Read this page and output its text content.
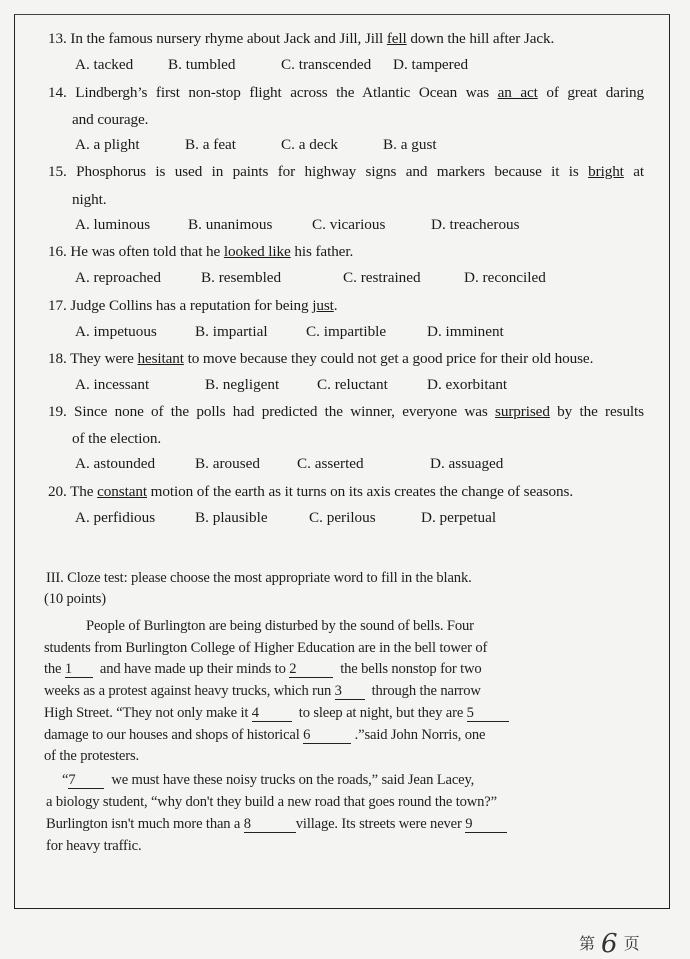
13. In the famous nursery rhyme about Jack and Jill, Jill fell down the hill after Jack.
A. tacked B. tumbled	C. transcended D. tampered
14. Lindbergh’s first non-stop flight across the Atlantic Ocean was an act of great daring
and courage.
A. a plight	B. a feat	C. a deck	B. a gust
15. Phosphorus is used in paints for highway signs and markers because it is bright at
night.
A. luminous B. unanimous	C. vicarious	D. treacherous
16. He was often told that he looked like his father.
A. reproached	B. resembled	C. restrained	D. reconciled
17. Judge Collins has a reputation for being just.
A. impetuous	B. impartial	C. impartible	D. imminent
18. They were hesitant to move because they could not get a good price for their old house.
A. incessant	B. negligent C. reluctant	D. exorbitant
19. Since none of the polls had predicted the winner, everyone was surprised by the results
of the election.
A. astounded	B. aroused C. asserted	D. assuaged
20. The constant motion of the earth as it turns on its axis creates the change of seasons.
A. perfidious	B. plausible	C. perilous	D. perpetual
III. Cloze test: please choose the most appropriate word to fill in the blank.
(10 points)
People of Burlington are being disturbed by the sound of bells. Four
students from Burlington College of Higher Education are in the bell tower of
the 1  and have made up their minds to 2	the bells nonstop for two
weeks as a protest against heavy trucks, which run 3  through the narrow
High Street. “They not only make it 4  to sleep at night, but they are 5
damage to our houses and shops of historical 6	.”said John Norris, one
of the protesters.
“7  we must have these noisy trucks on the roads,” said Jean Lacey,
a biology student, “why don't they build a new road that goes round the town?”
Burlington isn't much more than a 8	village. Its streets were never 9
for heavy traffic.
第 6 页
